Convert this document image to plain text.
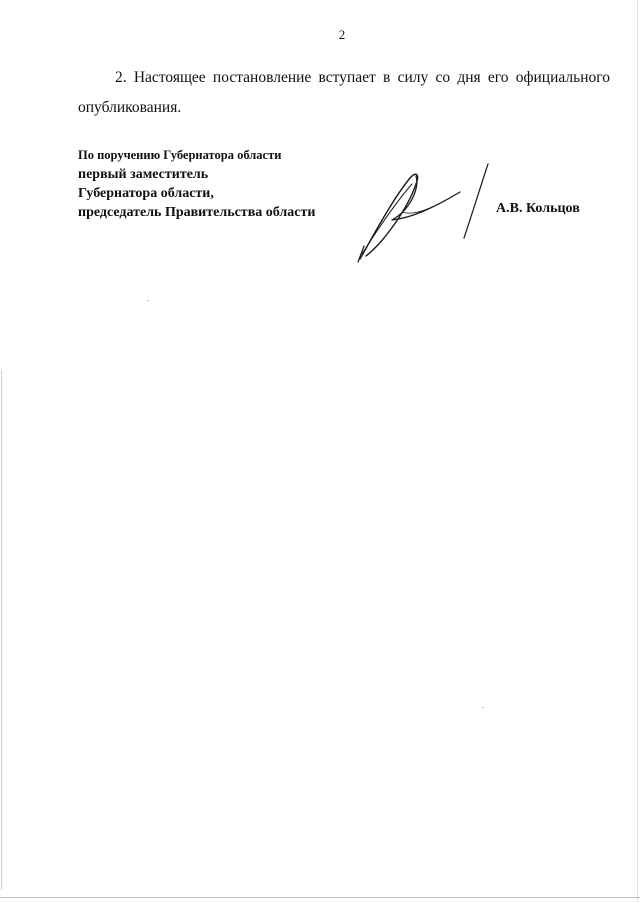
2
2. Настоящее постановление вступает в силу со дня его официального
опубликования.
По поручению Губернатора области
первый заместитель
Губернатора области,
председатель Правительства области	А.В. Кольцов
